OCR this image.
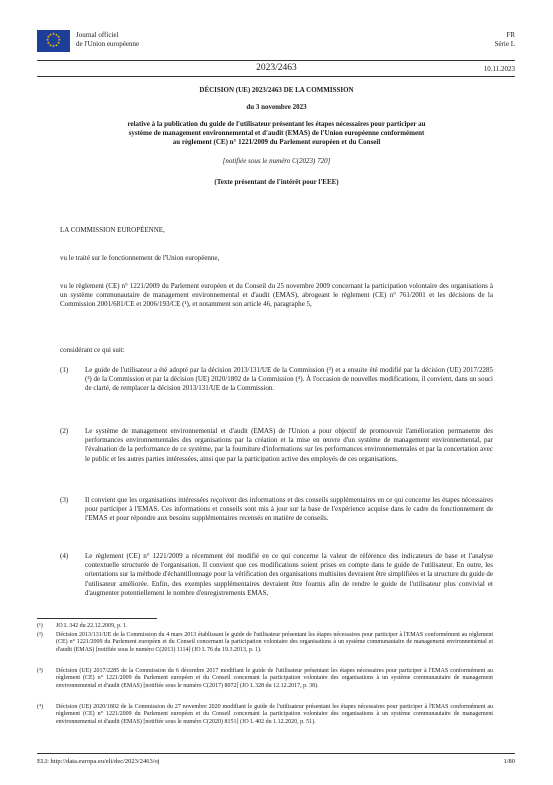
★ ★
★
★
★
★
★
★
★
★
★
★	Journal officiel
de l'Union européenne
FR
Série L
2023/2463	10.11.2023
DÉCISION (UE) 2023/2463 DE LA COMMISSION
du 3 novembre 2023
relative à la publication du guide de l'utilisateur présentant les étapes nécessaires pour participer au
système de management environnemental et d'audit (EMAS) de l'Union européenne conformément
au règlement (CE) n° 1221/2009 du Parlement européen et du Conseil
[notifiée sous le numéro C(2023) 720]
(Texte présentant de l'intérêt pour l'EEE)
LA COMMISSION EUROPÉENNE,
vu le traité sur le fonctionnement de l'Union européenne,
vu le règlement (CE) n° 1221/2009 du Parlement européen et du Conseil du 25 novembre 2009 concernant la participation volontaire des organisations à un système communautaire de management environnemental et d'audit (EMAS), abrogeant le règlement (CE) n° 761/2001 et les décisions de la Commission 2001/681/CE et 2006/193/CE (¹), et notamment son article 46, paragraphe 5,
considérant ce qui suit:
(1) Le guide de l'utilisateur a été adopté par la décision 2013/131/UE de la Commission (²) et a ensuite été modifié par la décision (UE) 2017/2285 (³) de la Commission et par la décision (UE) 2020/1802 de la Commission (⁴). À l'occasion de nouvelles modifications, il convient, dans un souci de clarté, de remplacer la décision 2013/131/UE de la Commission.
(2) Le système de management environnemental et d'audit (EMAS) de l'Union a pour objectif de promouvoir l'amélioration permanente des performances environnementales des organisations par la création et la mise en œuvre d'un système de management environnemental, par l'évaluation de la performance de ce système, par la fourniture d'informations sur les performances environnementales et par la concertation avec le public et les autres parties intéressées, ainsi que par la participation active des employés de ces organisations.
(3) Il convient que les organisations intéressées reçoivent des informations et des conseils supplémentaires en ce qui concerne les étapes nécessaires pour participer à l'EMAS. Ces informations et conseils sont mis à jour sur la base de l'expérience acquise dans le cadre du fonctionnement de l'EMAS et pour répondre aux besoins supplémentaires recensés en matière de conseils.
(4) Le règlement (CE) n° 1221/2009 a récemment été modifié en ce qui concerne la valeur de référence des indicateurs de base et l'analyse contextuelle structurée de l'organisation. Il convient que ces modifications soient prises en compte dans le guide de l'utilisateur. En outre, les orientations sur la méthode d'échantillonnage pour la vérification des organisations multisites devraient être simplifiées et la structure du guide de l'utilisateur améliorée. Enfin, des exemples supplémentaires devraient être fournis afin de rendre le guide de l'utilisateur plus convivial et d'augmenter potentiellement le nombre d'enregistrements EMAS,
(¹) JO L 342 du 22.12.2009, p. 1.
(²) Décision 2013/131/UE de la Commission du 4 mars 2013 établissant le guide de l'utilisateur présentant les étapes nécessaires pour participer à l'EMAS conformément au règlement (CE) n° 1221/2009 du Parlement européen et du Conseil concernant la participation volontaire des organisations à un système communautaire de management environnemental et d'audit (EMAS) [notifiée sous le numéro C(2013) 1114] (JO L 76 du 19.3.2013, p. 1).
(³) Décision (UE) 2017/2285 de la Commission du 6 décembre 2017 modifiant le guide de l'utilisateur présentant les étapes nécessaires pour participer à l'EMAS conformément au règlement (CE) n° 1221/2009 du Parlement européen et du Conseil concernant la participation volontaire des organisations à un système communautaire de management environnemental et d'audit (EMAS) [notifiée sous le numéro C(2017) 8072] (JO L 328 du 12.12.2017, p. 38).
(⁴) Décision (UE) 2020/1802 de la Commission du 27 novembre 2020 modifiant le guide de l'utilisateur présentant les étapes nécessaires pour participer à l'EMAS conformément au règlement (CE) n° 1221/2009 du Parlement européen et du Conseil concernant la participation volontaire des organisations à un système communautaire de management environnemental et d'audit (EMAS) [notifiée sous le numéro C(2020) 8151] (JO L 402 du 1.12.2020, p. 51).
ELI: http://data.europa.eu/eli/dec/2023/2463/oj	1/80
